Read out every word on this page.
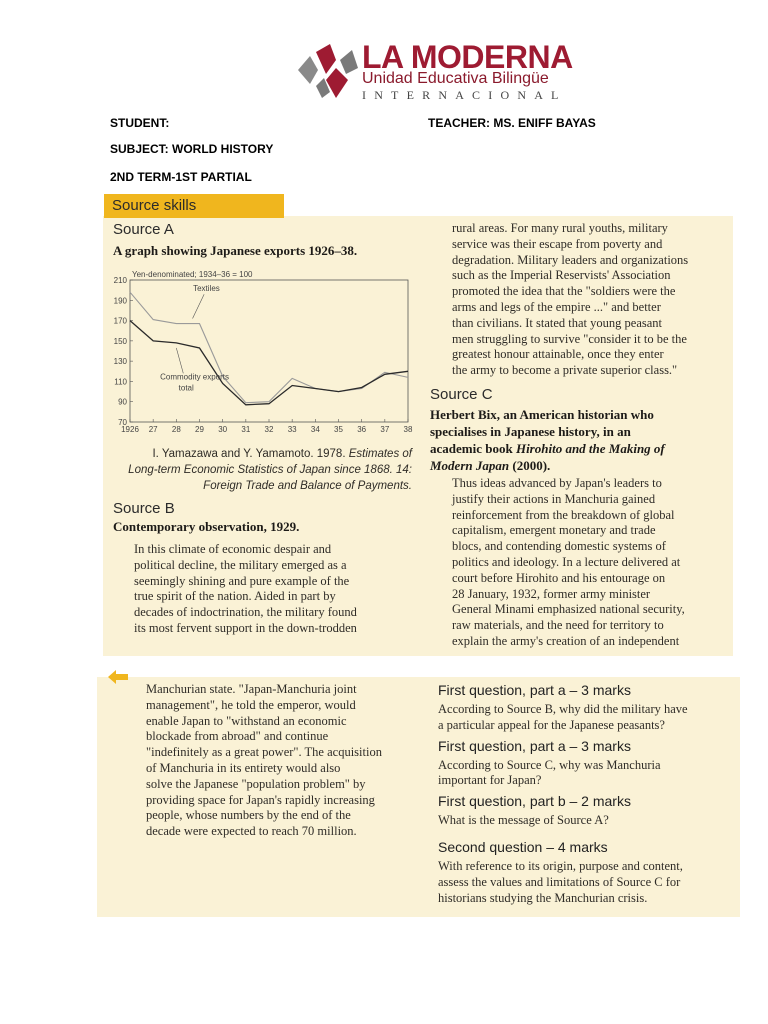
LA MODERNA
Unidad Educativa Bilingüe
INTERNACIONAL
STUDENT:	TEACHER: MS. ENIFF BAYAS
SUBJECT: WORLD HISTORY
2ND TERM-1ST PARTIAL
Source skills
Source A
A graph showing Japanese exports 1926–38.
Yen-denominated; 1934–36 = 100
70
90
110
130
150
170
190
210
1926 27 28 29 30 31 32 33 34 35 36 37 38
Textiles
Commodity exports
total
I. Yamazawa and Y. Yamamoto. 1978. Estimates of
Long-term Economic Statistics of Japan since 1868. 14:
Foreign Trade and Balance of Payments.
Source B
Contemporary observation, 1929.
In this climate of economic despair and
political decline, the military emerged as a
seemingly shining and pure example of the
true spirit of the nation. Aided in part by
decades of indoctrination, the military found
its most fervent support in the down-trodden
rural areas. For many rural youths, military
service was their escape from poverty and
degradation. Military leaders and organizations
such as the Imperial Reservists' Association
promoted the idea that the "soldiers were the
arms and legs of the empire ..." and better
than civilians. It stated that young peasant
men struggling to survive "consider it to be the
greatest honour attainable, once they enter
the army to become a private superior class."
Source C
Herbert Bix, an American historian who
specialises in Japanese history, in an
academic book Hirohito and the Making of
Modern Japan (2000).
Thus ideas advanced by Japan's leaders to
justify their actions in Manchuria gained
reinforcement from the breakdown of global
capitalism, emergent monetary and trade
blocs, and contending domestic systems of
politics and ideology. In a lecture delivered at
court before Hirohito and his entourage on
28 January, 1932, former army minister
General Minami emphasized national security,
raw materials, and the need for territory to
explain the army's creation of an independent
Manchurian state. "Japan-Manchuria joint
management", he told the emperor, would
enable Japan to "withstand an economic
blockade from abroad" and continue
"indefinitely as a great power". The acquisition
of Manchuria in its entirety would also
solve the Japanese "population problem" by
providing space for Japan's rapidly increasing
people, whose numbers by the end of the
decade were expected to reach 70 million.
First question, part a – 3 marks
According to Source B, why did the military have
a particular appeal for the Japanese peasants?
First question, part a – 3 marks
According to Source C, why was Manchuria
important for Japan?
First question, part b – 2 marks
What is the message of Source A?
Second question – 4 marks
With reference to its origin, purpose and content,
assess the values and limitations of Source C for
historians studying the Manchurian crisis.
